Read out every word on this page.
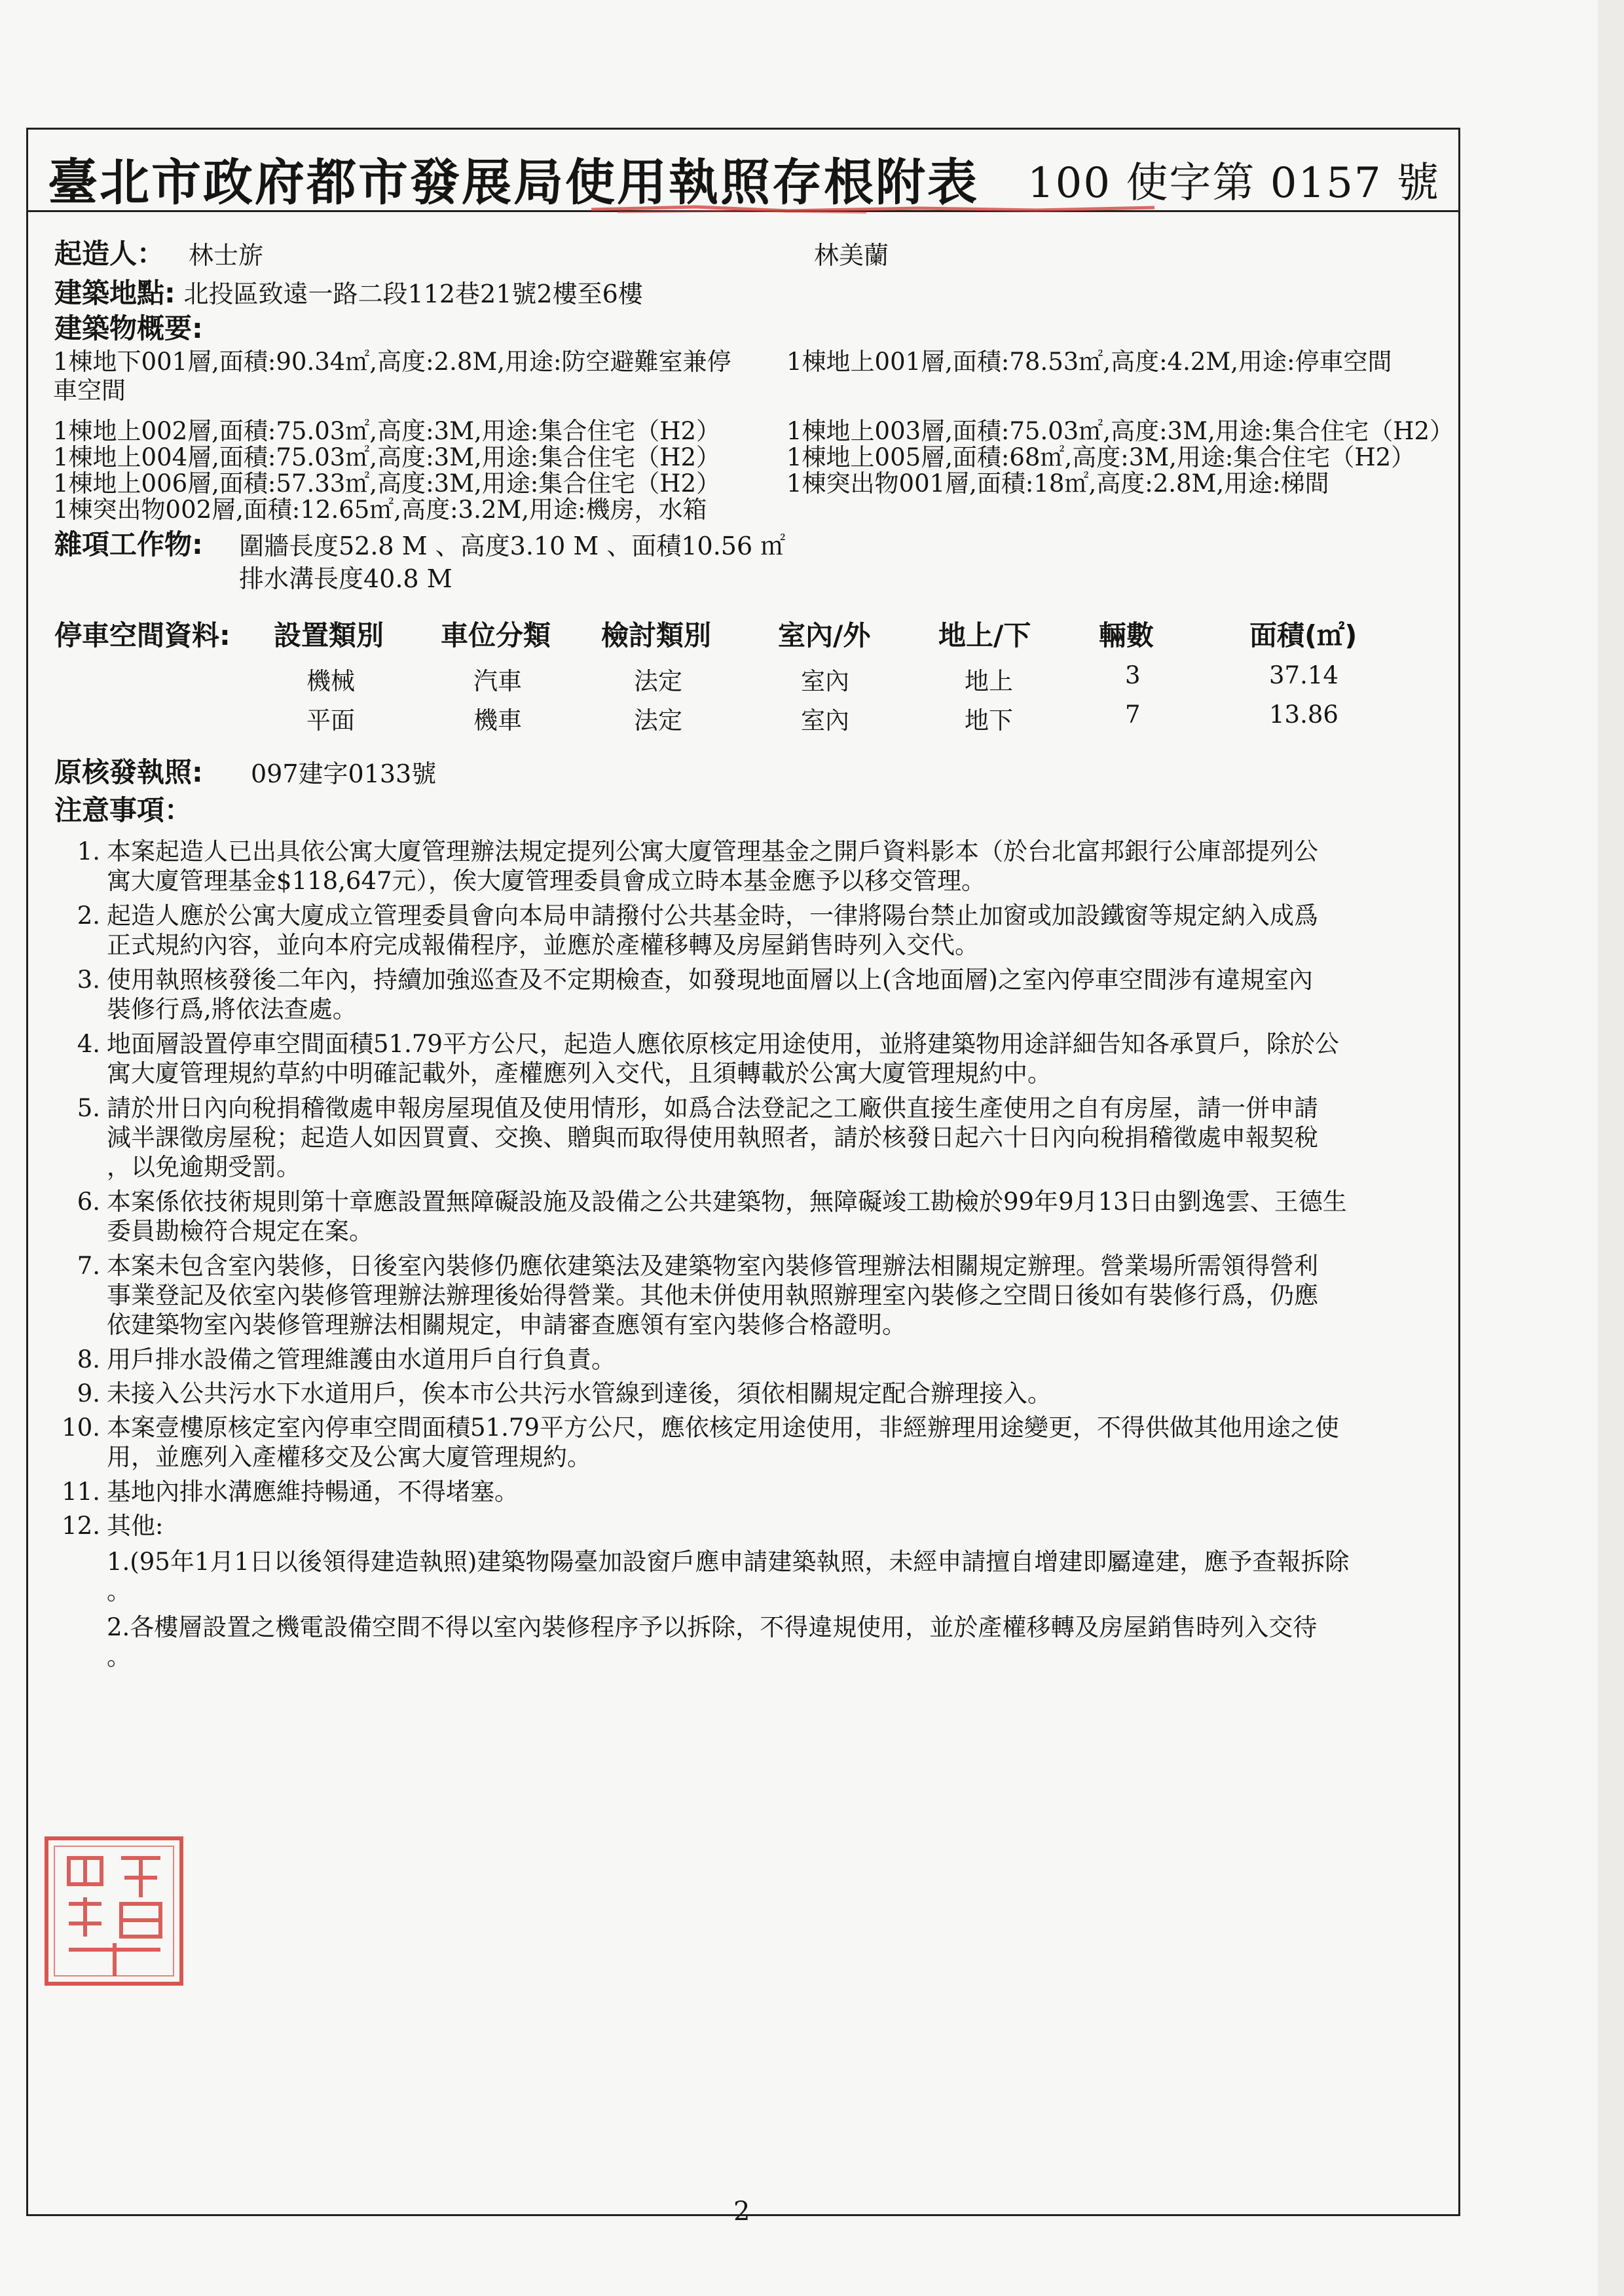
臺北市政府都市發展局使用執照存根附表 100 使字第 0157 號
起造人： 林士旂	林美蘭
建築地點: 北投區致遠一路二段112巷21號2樓至6樓
建築物概要:
1棟地下001層,面積:90.34㎡,高度:2.8M,用途:防空避難室兼停
車空間
1棟地上002層,面積:75.03㎡,高度:3M,用途:集合住宅（H2）
1棟地上004層,面積:75.03㎡,高度:3M,用途:集合住宅（H2）
1棟地上006層,面積:57.33㎡,高度:3M,用途:集合住宅（H2）
1棟突出物002層,面積:12.65㎡,高度:3.2M,用途:機房，水箱
1棟地上001層,面積:78.53㎡,高度:4.2M,用途:停車空間
1棟地上003層,面積:75.03㎡,高度:3M,用途:集合住宅（H2）
1棟地上005層,面積:68㎡,高度:3M,用途:集合住宅（H2）
1棟突出物001層,面積:18㎡,高度:2.8M,用途:梯間
雜項工作物: 圍牆長度52.8 M 、高度3.10 M 、面積10.56 ㎡
排水溝長度40.8 M
停車空間資料: 設置類別 車位分類 檢討類別 室內/外 地上/下 輛數	面積(㎡)
機械	汽車	法定	室內	地上	3	37.14
平面	機車	法定	室內	地下	7	13.86
原核發執照: 097建字0133號
注意事項：
1. 本案起造人已出具依公寓大廈管理辦法規定提列公寓大廈管理基金之開戶資料影本（於台北富邦銀行公庫部提列公
寓大廈管理基金$118,647元），俟大廈管理委員會成立時本基金應予以移交管理。
2. 起造人應於公寓大廈成立管理委員會向本局申請撥付公共基金時，一律將陽台禁止加窗或加設鐵窗等規定納入成爲
正式規約內容，並向本府完成報備程序，並應於產權移轉及房屋銷售時列入交代。
3. 使用執照核發後二年內，持續加強巡查及不定期檢查，如發現地面層以上(含地面層)之室內停車空間涉有違規室內
裝修行爲,將依法查處。
4. 地面層設置停車空間面積51.79平方公尺，起造人應依原核定用途使用，並將建築物用途詳細告知各承買戶，除於公
寓大廈管理規約草約中明確記載外，產權應列入交代，且須轉載於公寓大廈管理規約中。
5. 請於卅日內向稅捐稽徵處申報房屋現值及使用情形，如爲合法登記之工廠供直接生產使用之自有房屋，請一併申請
減半課徵房屋稅；起造人如因買賣、交換、贈與而取得使用執照者，請於核發日起六十日內向稅捐稽徵處申報契稅
，以免逾期受罰。
6. 本案係依技術規則第十章應設置無障礙設施及設備之公共建築物，無障礙竣工勘檢於99年9月13日由劉逸雲、王德生
委員勘檢符合規定在案。
7. 本案未包含室內裝修，日後室內裝修仍應依建築法及建築物室內裝修管理辦法相關規定辦理。營業場所需領得營利
事業登記及依室內裝修管理辦法辦理後始得營業。其他未併使用執照辦理室內裝修之空間日後如有裝修行爲，仍應
依建築物室內裝修管理辦法相關規定，申請審查應領有室內裝修合格證明。
8. 用戶排水設備之管理維護由水道用戶自行負責。
9. 未接入公共污水下水道用戶，俟本市公共污水管線到達後，須依相關規定配合辦理接入。
10. 本案壹樓原核定室內停車空間面積51.79平方公尺，應依核定用途使用，非經辦理用途變更，不得供做其他用途之使
用，並應列入產權移交及公寓大廈管理規約。
11. 基地內排水溝應維持暢通，不得堵塞。
12. 其他:
1.(95年1月1日以後領得建造執照)建築物陽臺加設窗戶應申請建築執照，未經申請擅自增建即屬違建，應予查報拆除
。
2.各樓層設置之機電設備空間不得以室內裝修程序予以拆除，不得違規使用，並於產權移轉及房屋銷售時列入交待
。
2
